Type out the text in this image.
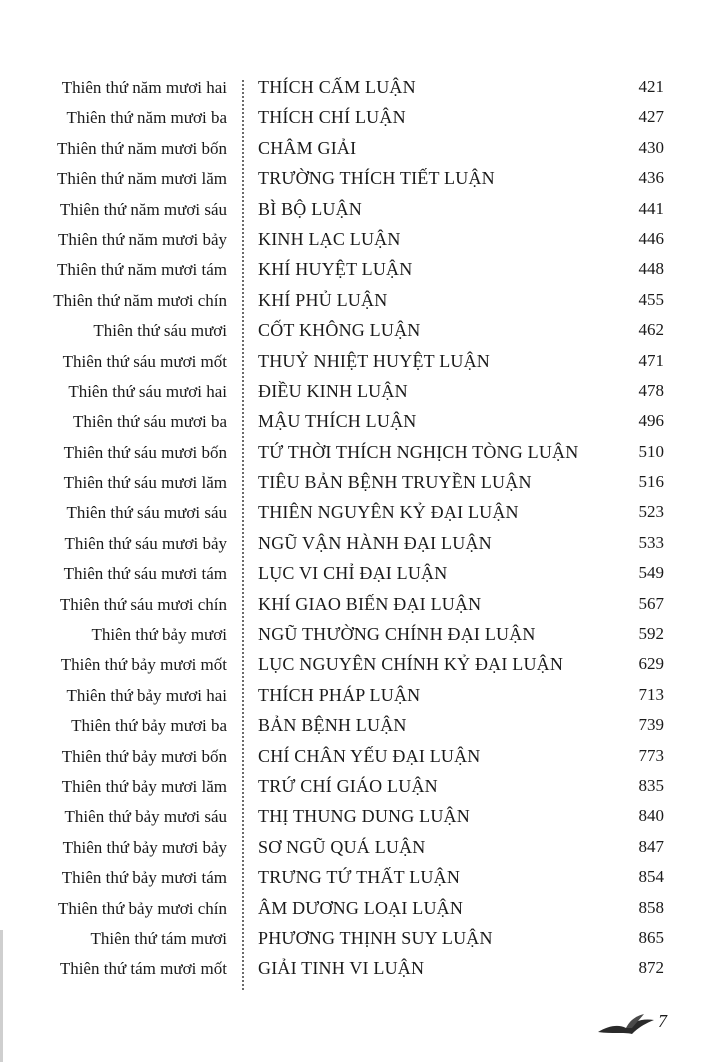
Thiên thứ năm mươi hai THÍCH CẤM LUẬN	421
Thiên thứ năm mươi ba THÍCH CHÍ LUẬN	427
Thiên thứ năm mươi bốn CHÂM GIẢI	430
Thiên thứ năm mươi lăm TRƯỜNG THÍCH TIẾT LUẬN	436
Thiên thứ năm mươi sáu BÌ BỘ LUẬN	441
Thiên thứ năm mươi bảy KINH LẠC LUẬN	446
Thiên thứ năm mươi tám KHÍ HUYỆT LUẬN	448
Thiên thứ năm mươi chín KHÍ PHỦ LUẬN	455
Thiên thứ sáu mươi CỐT KHÔNG LUẬN	462
Thiên thứ sáu mươi mốt THUỶ NHIỆT HUYỆT LUẬN	471
Thiên thứ sáu mươi hai ĐIỀU KINH LUẬN	478
Thiên thứ sáu mươi ba MẬU THÍCH LUẬN	496
Thiên thứ sáu mươi bốn TỨ THỜI THÍCH NGHỊCH TÒNG LUẬN	510
Thiên thứ sáu mươi lăm TIÊU BẢN BỆNH TRUYỀN LUẬN	516
Thiên thứ sáu mươi sáu THIÊN NGUYÊN KỶ ĐẠI LUẬN	523
Thiên thứ sáu mươi bảy NGŨ VẬN HÀNH ĐẠI LUẬN	533
Thiên thứ sáu mươi tám LỤC VI CHỈ ĐẠI LUẬN	549
Thiên thứ sáu mươi chín KHÍ GIAO BIẾN ĐẠI LUẬN	567
Thiên thứ bảy mươi NGŨ THƯỜNG CHÍNH ĐẠI LUẬN	592
Thiên thứ bảy mươi mốt LỤC NGUYÊN CHÍNH KỶ ĐẠI LUẬN	629
Thiên thứ bảy mươi hai THÍCH PHÁP LUẬN	713
Thiên thứ bảy mươi ba BẢN BỆNH LUẬN	739
Thiên thứ bảy mươi bốn CHÍ CHÂN YẾU ĐẠI LUẬN	773
Thiên thứ bảy mươi lăm TRỨ CHÍ GIÁO LUẬN	835
Thiên thứ bảy mươi sáu THỊ THUNG DUNG LUẬN	840
Thiên thứ bảy mươi bảy SƠ NGŨ QUÁ LUẬN	847
Thiên thứ bảy mươi tám TRƯNG TỨ THẤT LUẬN	854
Thiên thứ bảy mươi chín ÂM DƯƠNG LOẠI LUẬN	858
Thiên thứ tám mươi PHƯƠNG THỊNH SUY LUẬN	865
Thiên thứ tám mươi mốt GIẢI TINH VI LUẬN	872
7
